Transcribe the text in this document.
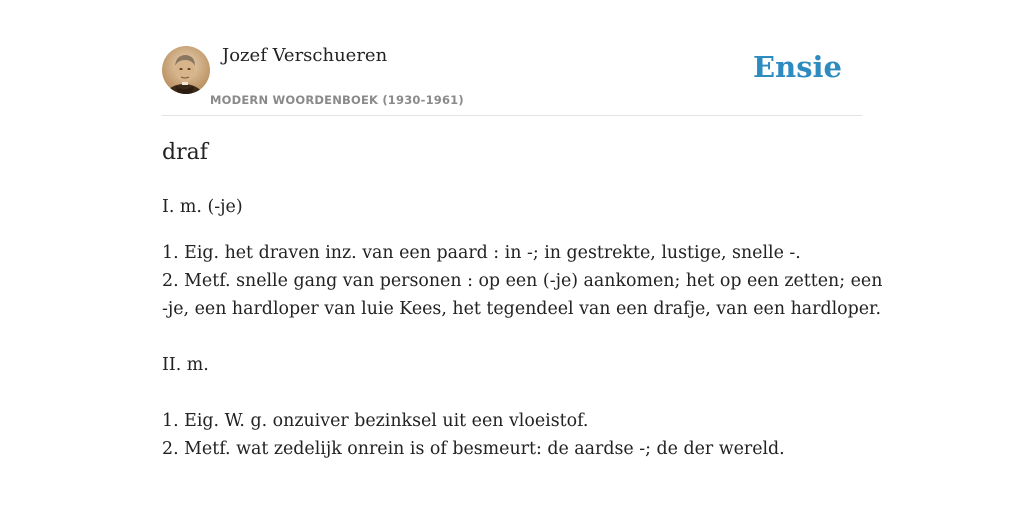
Jozef Verschueren
MODERN WOORDENBOEK (1930-1961)
Ensie
draf
I. m. (-je)
1. Eig. het draven inz. van een paard : in -; in gestrekte, lustige, snelle -.
2. Metf. snelle gang van personen : op een (-je) aankomen; het op een zetten; een
-je, een hardloper van luie Kees, het tegendeel van een drafje, van een hardloper.
II. m.
1. Eig. W. g. onzuiver bezinksel uit een vloeistof.
2. Metf. wat zedelijk onrein is of besmeurt: de aardse -; de der wereld.
